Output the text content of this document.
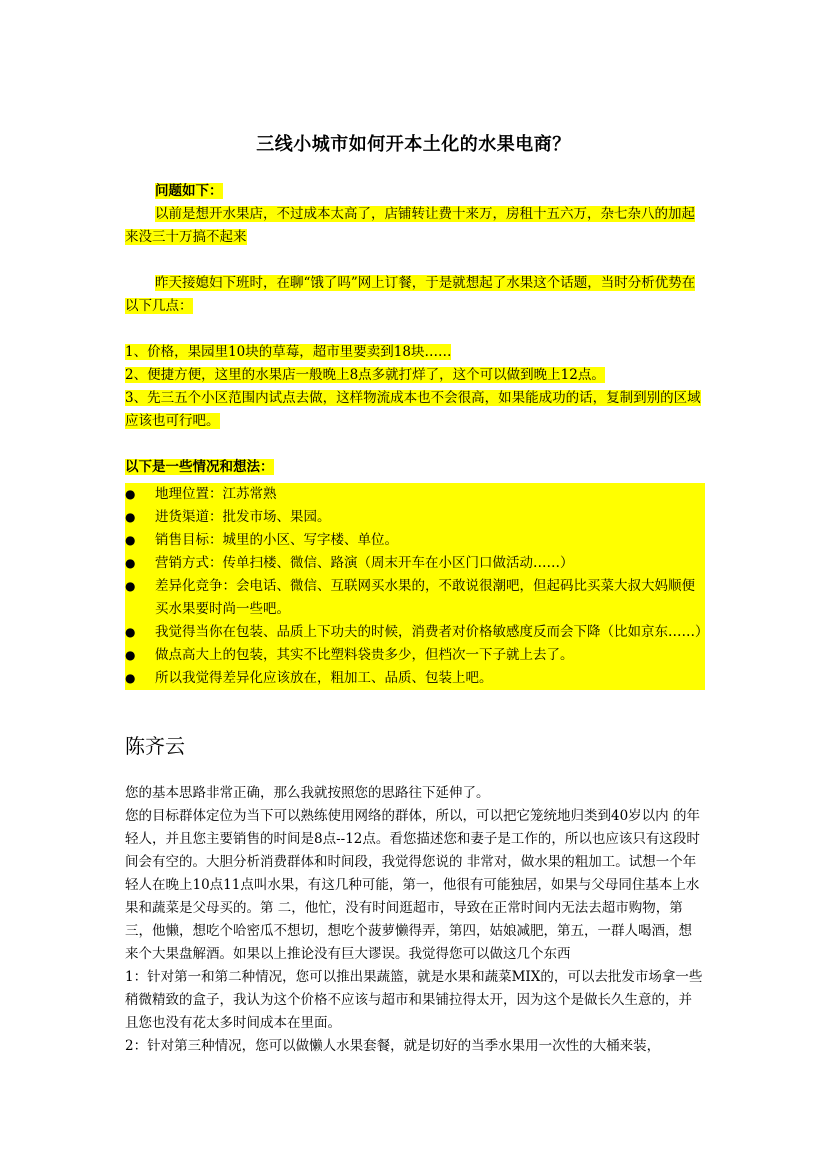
三线小城市如何开本土化的水果电商？
问题如下：
以前是想开水果店，不过成本太高了，店铺转让费十来万，房租十五六万，杂七杂八的加起来没三十万搞不起来
昨天接媳妇下班时，在聊“饿了吗”网上订餐，于是就想起了水果这个话题，当时分析优势在以下几点：
1、价格，果园里10块的草莓，超市里要卖到18块……
2、便捷方便，这里的水果店一般晚上8点多就打烊了，这个可以做到晚上12点。
3、先三五个小区范围内试点去做，这样物流成本也不会很高，如果能成功的话，复制到别的区域应该也可行吧。
以下是一些情况和想法：
●	地理位置：江苏常熟
●	进货渠道：批发市场、果园。
●	销售目标：城里的小区、写字楼、单位。
●	营销方式：传单扫楼、微信、路演（周末开车在小区门口做活动……）
●	差异化竞争：会电话、微信、互联网买水果的，不敢说很潮吧，但起码比买菜大叔大妈顺便买水果要时尚一些吧。
●	我觉得当你在包装、品质上下功夫的时候，消费者对价格敏感度反而会下降（比如京东……）
●	做点高大上的包装，其实不比塑料袋贵多少，但档次一下子就上去了。
●	所以我觉得差异化应该放在，粗加工、品质、包装上吧。
陈齐云
您的基本思路非常正确，那么我就按照您的思路往下延伸了。
您的目标群体定位为当下可以熟练使用网络的群体，所以，可以把它笼统地归类到40岁以内 的年轻人，并且您主要销售的时间是8点--12点。看您描述您和妻子是工作的，所以也应该只有这段时间会有空的。大胆分析消费群体和时间段，我觉得您说的 非常对，做水果的粗加工。试想一个年轻人在晚上10点11点叫水果，有这几种可能，第一，他很有可能独居，如果与父母同住基本上水果和蔬菜是父母买的。第 二，他忙，没有时间逛超市，导致在正常时间内无法去超市购物，第三，他懒，想吃个哈密瓜不想切，想吃个菠萝懒得弄，第四，姑娘减肥，第五，一群人喝酒，想 来个大果盘解酒。如果以上推论没有巨大谬误。我觉得您可以做这几个东西
1：针对第一和第二种情况，您可以推出果蔬篮，就是水果和蔬菜MIX的，可以去批发市场拿一些稍微精致的盒子，我认为这个价格不应该与超市和果铺拉得太开，因为这个是做长久生意的，并且您也没有花太多时间成本在里面。
2：针对第三种情况，您可以做懒人水果套餐，就是切好的当季水果用一次性的大桶来装，
